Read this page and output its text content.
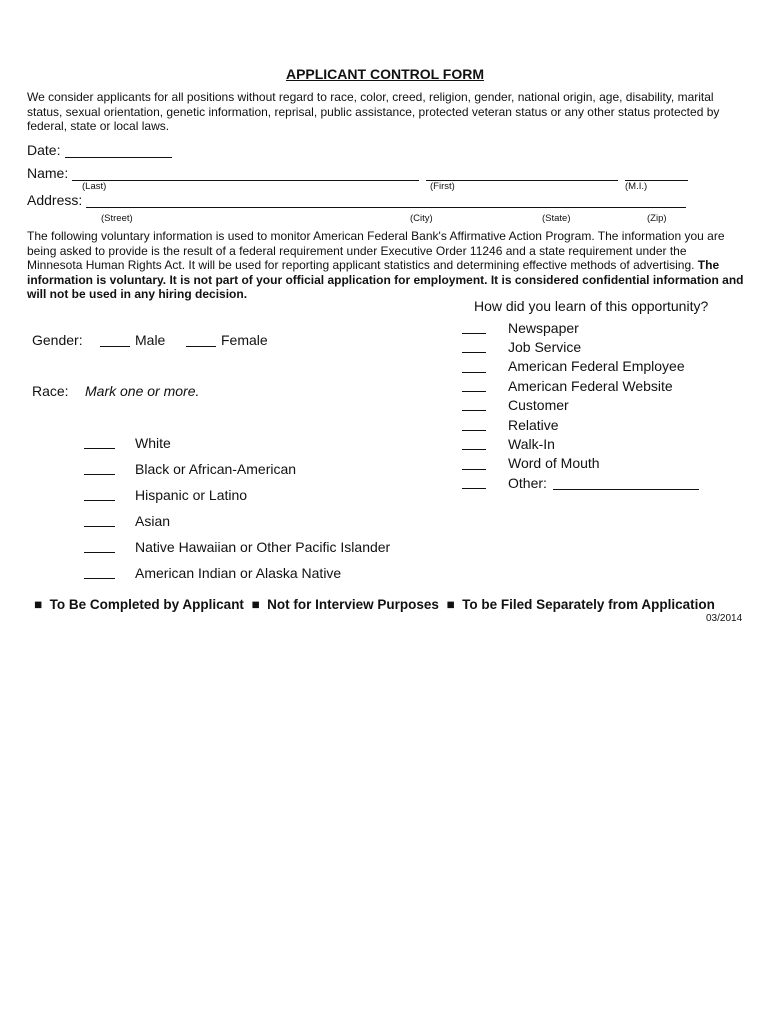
APPLICANT CONTROL FORM
We consider applicants for all positions without regard to race, color, creed, religion, gender, national origin, age, disability, marital status, sexual orientation, genetic information, reprisal, public assistance, protected veteran status or any other status protected by federal, state or local laws.
Date:
Name:
(Last)	(First)	(M.I.)
Address:
(Street)	(City)	(State)	(Zip)
The following voluntary information is used to monitor American Federal Bank's Affirmative Action Program. The information you are being asked to provide is the result of a federal requirement under Executive Order 11246 and a state requirement under the Minnesota Human Rights Act. It will be used for reporting applicant statistics and determining effective methods of advertising. The information is voluntary. It is not part of your official application for employment. It is considered confidential information and will not be used in any hiring decision.
Gender:	Male	Female
Race: Mark one or more.
White
Black or African-American
Hispanic or Latino
Asian
Native Hawaiian or Other Pacific Islander
American Indian or Alaska Native
How did you learn of this opportunity?
Newspaper
Job Service
American Federal Employee
American Federal Website
Customer
Relative
Walk-In
Word of Mouth
Other:
■ To Be Completed by Applicant ■ Not for Interview Purposes ■ To be Filed Separately from Application
03/2014
